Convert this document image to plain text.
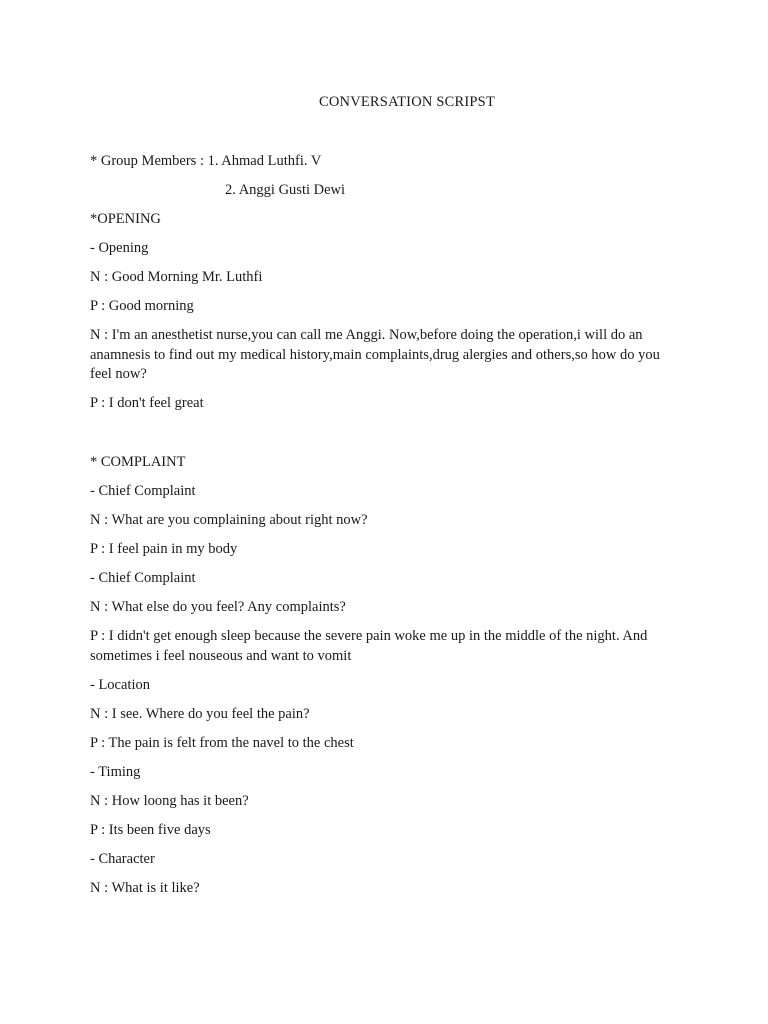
CONVERSATION SCRIPST

* Group Members : 1. Ahmad Luthfi. V

2. Anggi Gusti Dewi

*OPENING

- Opening

N : Good Morning Mr. Luthfi

P : Good morning

N : I'm an anesthetist nurse,you can call me Anggi. Now,before doing the operation,i will do an anamnesis to find out my medical history,main complaints,drug alergies and others,so how do you feel now?

P : I don't feel great

* COMPLAINT

- Chief Complaint

N : What are you complaining about right now?

P : I feel pain in my body

- Chief Complaint

N : What else do you feel? Any complaints?

P : I didn't get enough sleep because the severe pain woke me up in the middle of the night. And sometimes i feel nouseous and want to vomit

- Location

N : I see. Where do you feel the pain?

P : The pain is felt from the navel to the chest

- Timing

N : How loong has it been?

P : Its been five days

- Character

N : What is it like?
